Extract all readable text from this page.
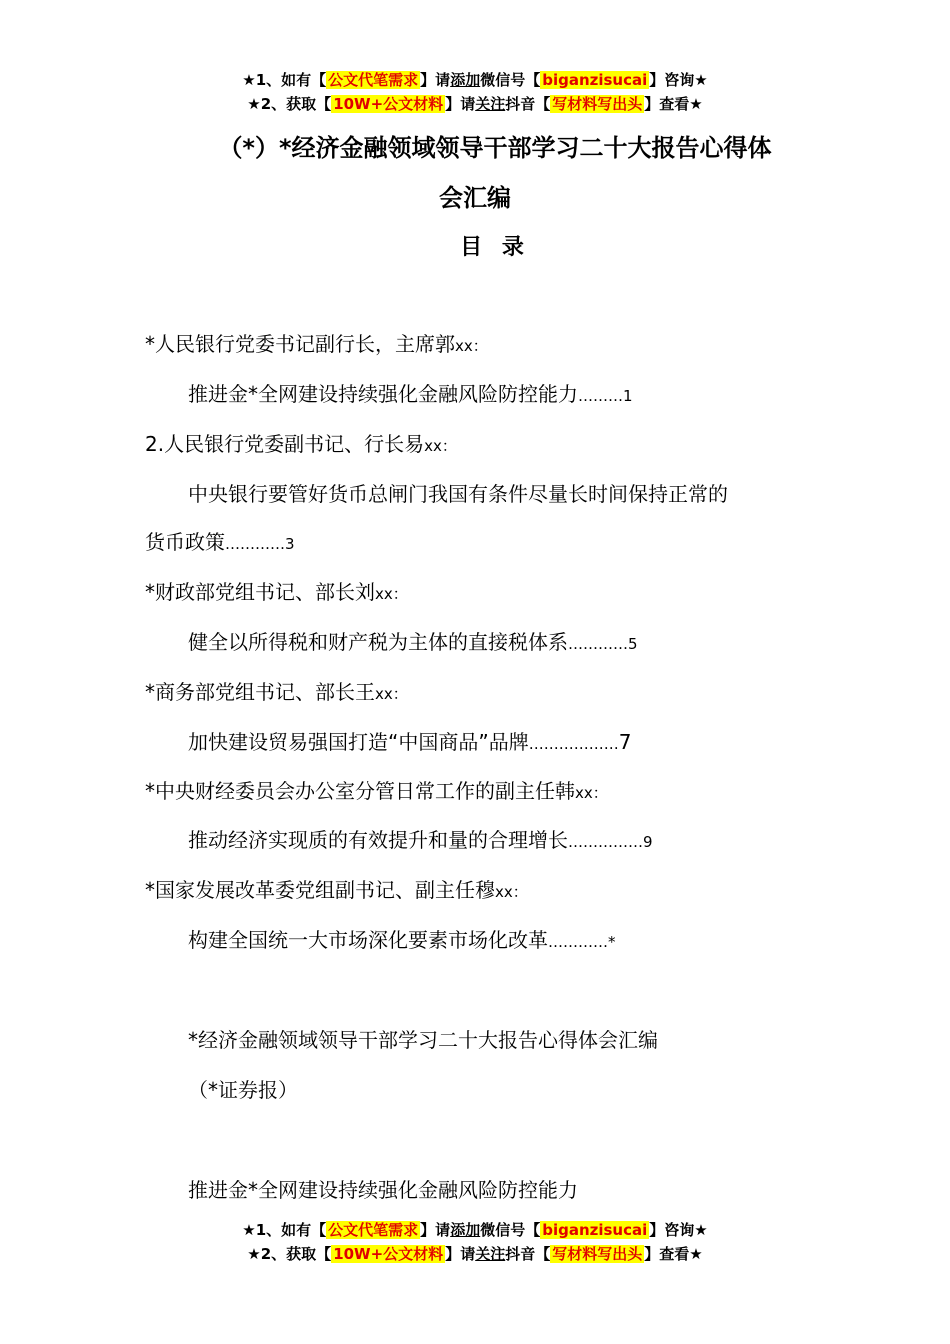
★1、如有【 公文代笔需求 】请添加微信号【 biganzisucai 】咨询★
★2、获取【 10W+公文材料 】请关注抖音【 写材料写出头 】查看★
（*）*经济金融领域领导干部学习二十大报告心得体
会汇编
目 录
*人民银行党委书记副行长，主席郭xx：
推进金*全网建设持续强化金融风险防控能力………1
2.人民银行党委副书记、行长易xx：
中央银行要管好货币总闸门我国有条件尽量长时间保持正常的
货币政策…………3
*财政部党组书记、部长刘xx：
健全以所得税和财产税为主体的直接税体系…………5
*商务部党组书记、部长王xx：
加快建设贸易强国打造“中国商品”品牌………………7
*中央财经委员会办公室分管日常工作的副主任韩xx：
推动经济实现质的有效提升和量的合理增长……………9
*国家发展改革委党组副书记、副主任穆xx：
构建全国统一大市场深化要素市场化改革…………*
*经济金融领域领导干部学习二十大报告心得体会汇编
（*证券报）
推进金*全网建设持续强化金融风险防控能力
★1、如有【 公文代笔需求 】请添加微信号【 biganzisucai 】咨询★
★2、获取【 10W+公文材料 】请关注抖音【 写材料写出头 】查看★
